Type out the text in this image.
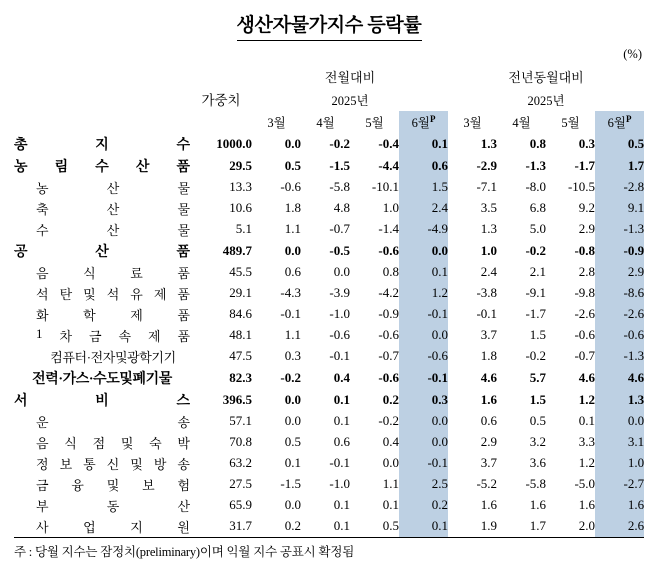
생산자물가지수 등락률
(%)
	가중치	전월대비				전년동월대비			
		2025년				2025년			
		3월	4월	5월	6월$^P$	3월	4월	5월	6월$^P$

총 지 수	1000.0	0.0	-0.2	-0.4	0.1	1.3	0.8	0.3	0.5

농 림 수 산 품	29.5	0.5	-1.5	-4.4	0.6	-2.9	-1.3	-1.7	1.7

농 산 물	13.3	-0.6	-5.8	-10.1	1.5	-7.1	-8.0	-10.5	-2.8

축 산 물	10.6	1.8	4.8	1.0	2.4	3.5	6.8	9.2	9.1

수 산 물	5.1	1.1	-0.7	-1.4	-4.9	1.3	5.0	2.9	-1.3

공 산 품	489.7	0.0	-0.5	-0.6	0.0	1.0	-0.2	-0.8	-0.9

음 식 료 품	45.5	0.6	0.0	0.8	0.1	2.4	2.1	2.8	2.9

석 탄 및 석 유 제 품	29.1	-4.3	-3.9	-4.2	1.2	-3.8	-9.1	-9.8	-8.6

화 학 제 품	84.6	-0.1	-1.0	-0.9	-0.1	-0.1	-1.7	-2.6	-2.6

1 차 금 속 제 품	48.1	1.1	-0.6	-0.6	0.0	3.7	1.5	-0.6	-0.6

컴퓨터·전자및광학기기	47.5	0.3	-0.1	-0.7	-0.6	1.8	-0.2	-0.7	-1.3

전력·가스·수도및폐기물	82.3	-0.2	0.4	-0.6	-0.1	4.6	5.7	4.6	4.6

서 비 스	396.5	0.0	0.1	0.2	0.3	1.6	1.5	1.2	1.3

운 송	57.1	0.0	0.1	-0.2	0.0	0.6	0.5	0.1	0.0

음 식 점 및 숙 박	70.8	0.5	0.6	0.4	0.0	2.9	3.2	3.3	3.1

정 보 통 신 및 방 송	63.2	0.1	-0.1	0.0	-0.1	3.7	3.6	1.2	1.0

금 융 및 보 험	27.5	-1.5	-1.0	1.1	2.5	-5.2	-5.8	-5.0	-2.7

부 동 산	65.9	0.0	0.1	0.1	0.2	1.6	1.6	1.6	1.6

사 업 지 원	31.7	0.2	0.1	0.5	0.1	1.9	1.7	2.0	2.6
주 : 당월 지수는 잠정치(preliminary)이며 익월 지수 공표시 확정됨
